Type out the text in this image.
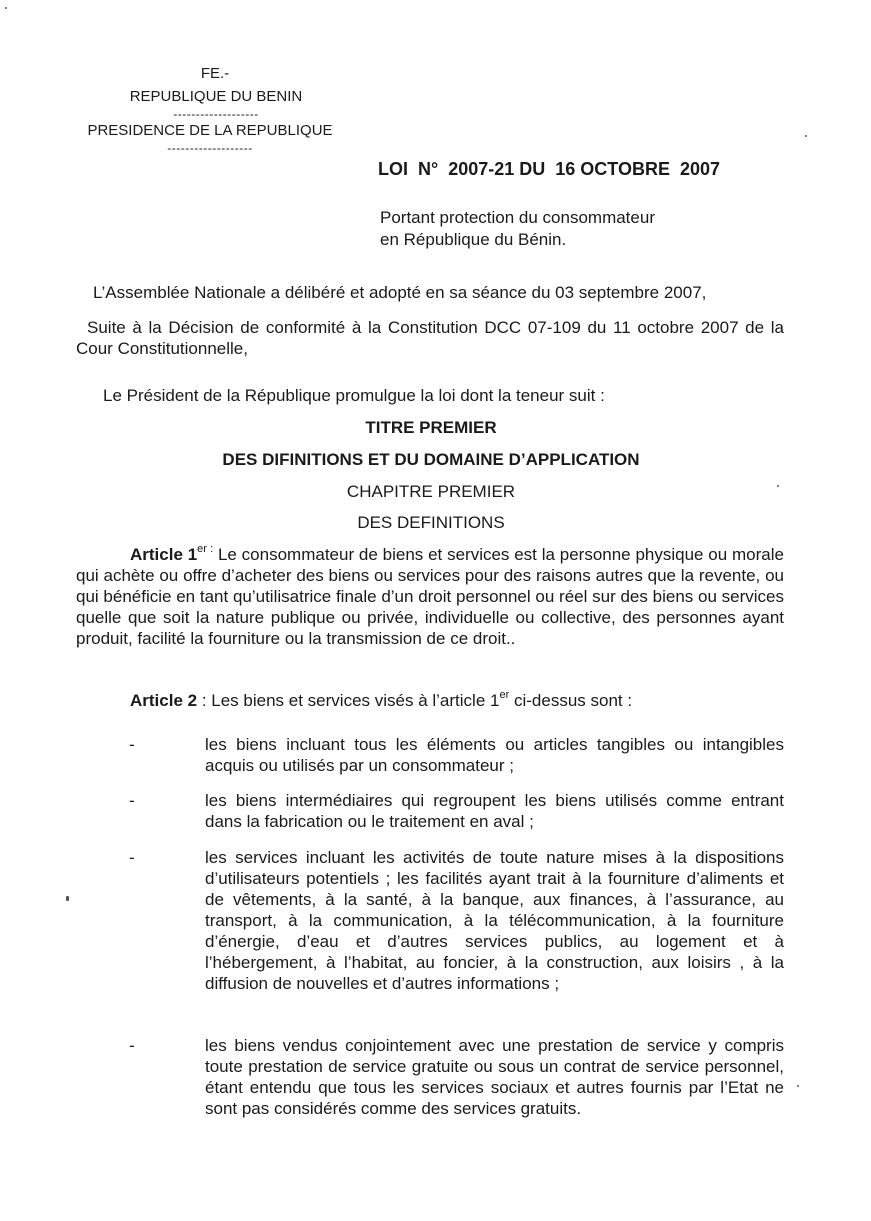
FE.-
REPUBLIQUE DU BENIN
-------------------
PRESIDENCE DE LA REPUBLIQUE
-------------------
LOI  N°  2007-21 DU  16 OCTOBRE  2007
Portant protection du consommateur
en République du Bénin.
L’Assemblée Nationale a délibéré et adopté en sa séance du 03 septembre 2007,
Suite à la Décision de conformité à la Constitution DCC 07-109 du 11 octobre 2007 de la Cour Constitutionnelle,
Le Président de la République promulgue la loi dont la teneur suit :
TITRE PREMIER
DES DIFINITIONS ET DU DOMAINE D’APPLICATION
CHAPITRE PREMIER
DES DEFINITIONS
Article $1^{er :}$ Le consommateur de biens et services est la personne physique ou morale qui achète ou offre d’acheter des biens ou services pour des raisons autres que la revente, ou qui bénéficie en tant qu’utilisatrice finale d’un droit personnel ou réel sur des biens ou services quelle que soit la nature publique ou privée, individuelle ou collective, des personnes ayant produit, facilité la fourniture ou la transmission de ce droit..
Article 2 : Les biens et services visés à l’article 1er ci-dessus sont :
-	les biens incluant tous les éléments ou articles tangibles ou intangibles acquis ou utilisés par un consommateur ;
-	les biens intermédiaires qui regroupent les biens utilisés comme entrant dans la fabrication ou le traitement en aval ;
-	les services incluant les activités de toute nature mises à la dispositions d’utilisateurs potentiels ; les facilités ayant trait à la fourniture d’aliments et de vêtements, à la santé, à la banque, aux finances, à l’assurance, au transport, à la communication, à la télécommunication, à la fourniture d’énergie, d’eau et d’autres services publics, au logement et à l’hébergement, à l’habitat, au foncier, à la construction, aux loisirs , à la diffusion de nouvelles et d’autres informations ;
-	les biens vendus conjointement avec une prestation de service y compris toute prestation de service gratuite ou sous un contrat de service personnel, étant entendu que tous les services sociaux et autres fournis par l’Etat ne sont pas considérés comme des services gratuits.
